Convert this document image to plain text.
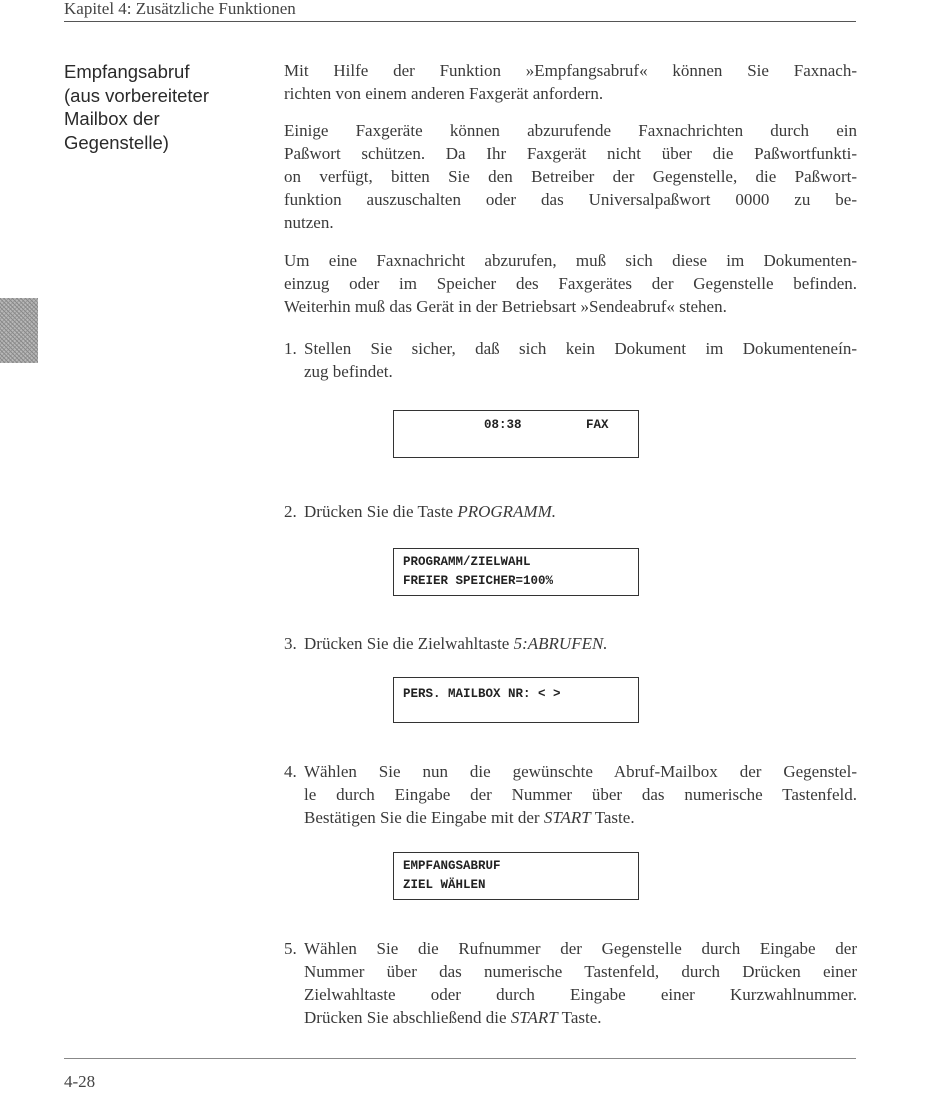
Kapitel 4: Zusätzliche Funktionen
Empfangsabruf
(aus vorbereiteter
Mailbox der
Gegenstelle)
Mit Hilfe der Funktion »Empfangsabruf« können Sie Faxnach-
richten von einem anderen Faxgerät anfordern.
Einige Faxgeräte können abzurufende Faxnachrichten durch ein
Paßwort schützen. Da Ihr Faxgerät nicht über die Paßwortfunkti-
on verfügt, bitten Sie den Betreiber der Gegenstelle, die Paßwort-
funktion auszuschalten oder das Universalpaßwort 0000 zu be-
nutzen.
Um eine Faxnachricht abzurufen, muß sich diese im Dokumenten-
einzug oder im Speicher des Faxgerätes der Gegenstelle befinden.
Weiterhin muß das Gerät in der Betriebsart »Sendeabruf« stehen.
1. Stellen Sie sicher, daß sich kein Dokument im Dokumenteneín-
zug befindet.
08:38	FAX
2. Drücken Sie die Taste PROGRAMM.
PROGRAMM/ZIELWAHL
FREIER SPEICHER=100%
3. Drücken Sie die Zielwahltaste 5:ABRUFEN.
PERS. MAILBOX NR: < >
4. Wählen Sie nun die gewünschte Abruf-Mailbox der Gegenstel-
le durch Eingabe der Nummer über das numerische Tastenfeld.
Bestätigen Sie die Eingabe mit der START Taste.
EMPFANGSABRUF
ZIEL WÄHLEN
5. Wählen Sie die Rufnummer der Gegenstelle durch Eingabe der
Nummer über das numerische Tastenfeld, durch Drücken einer
Zielwahltaste oder durch Eingabe einer Kurzwahlnummer.
Drücken Sie abschließend die START Taste.
4-28
